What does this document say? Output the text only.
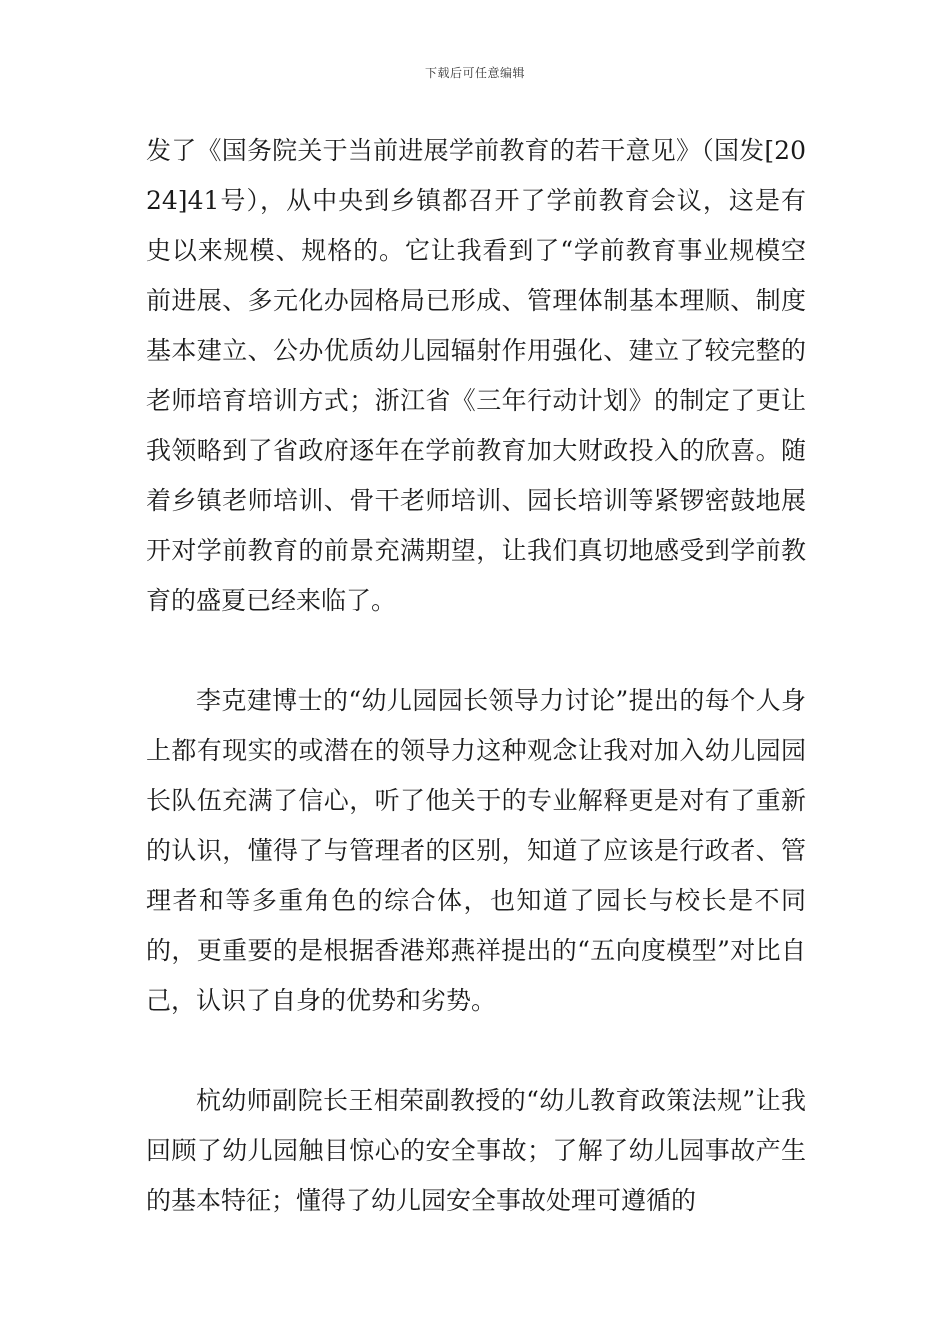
下载后可任意编辑

发了《国务院关于当前进展学前教育的若干意见》（国发[2024]41号），从中央到乡镇都召开了学前教育会议，这是有史以来规模、规格的。它让我看到了“学前教育事业规模空前进展、多元化办园格局已形成、管理体制基本理顺、制度基本建立、公办优质幼儿园辐射作用强化、建立了较完整的老师培育培训方式；浙江省《三年行动计划》的制定了更让我领略到了省政府逐年在学前教育加大财政投入的欣喜。随着乡镇老师培训、骨干老师培训、园长培训等紧锣密鼓地展开对学前教育的前景充满期望，让我们真切地感受到学前教育的盛夏已经来临了。

李克建博士的“幼儿园园长领导力讨论”提出的每个人身上都有现实的或潜在的领导力这种观念让我对加入幼儿园园长队伍充满了信心，听了他关于的专业解释更是对有了重新的认识，懂得了与管理者的区别，知道了应该是行政者、管理者和等多重角色的综合体，也知道了园长与校长是不同的，更重要的是根据香港郑燕祥提出的“五向度模型”对比自己，认识了自身的优势和劣势。

杭幼师副院长王相荣副教授的“幼儿教育政策法规”让我回顾了幼儿园触目惊心的安全事故；了解了幼儿园事故产生的基本特征；懂得了幼儿园安全事故处理可遵循的
